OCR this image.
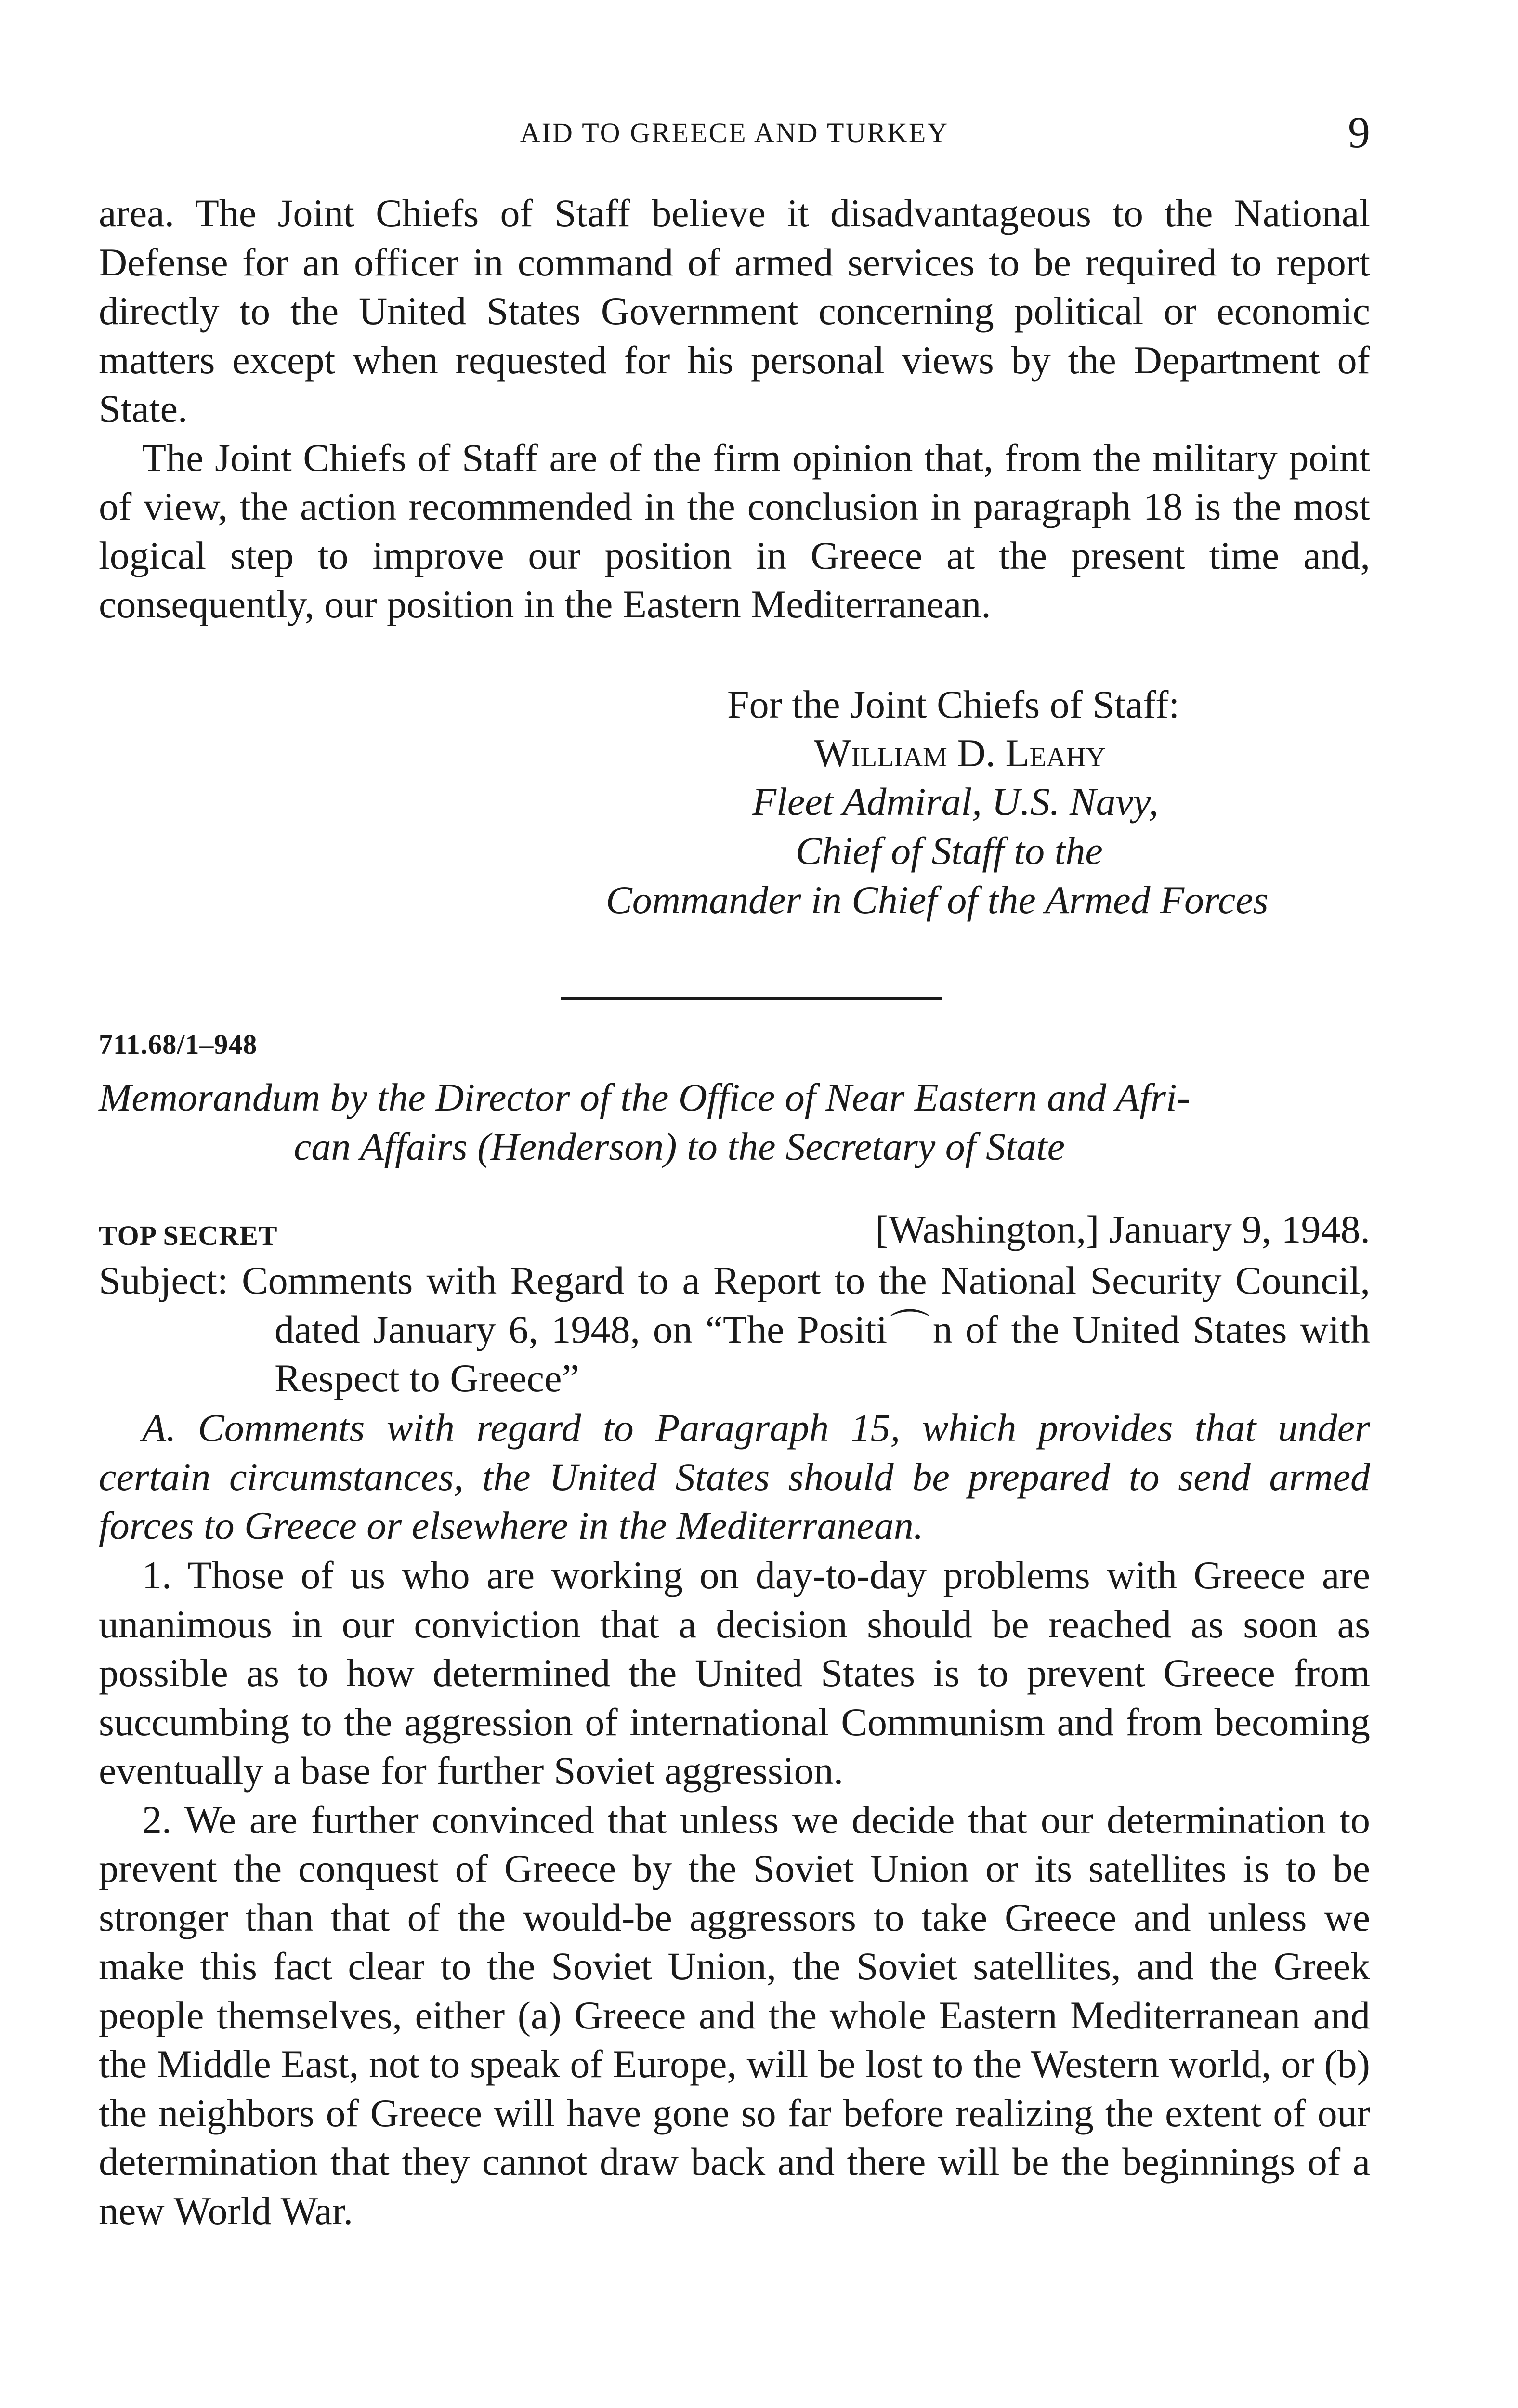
AID TO GREECE AND TURKEY	9

area. The Joint Chiefs of Staff believe it disadvantageous to the National Defense for an officer in command of armed services to be required to report directly to the United States Government concerning political or economic matters except when requested for his personal views by the Department of State.

The Joint Chiefs of Staff are of the firm opinion that, from the military point of view, the action recommended in the conclusion in paragraph 18 is the most logical step to improve our position in Greece at the present time and, consequently, our position in the Eastern Mediterranean.

For the Joint Chiefs of Staff:
William D. Leahy
Fleet Admiral, U.S. Navy,
Chief of Staff to the
Commander in Chief of the Armed Forces
711.68/1–948
Memorandum by the Director of the Office of Near Eastern and Afri-
can Affairs (Henderson) to the Secretary of State
TOP SECRET	[Washington,] January 9, 1948.
Subject: Comments with Regard to a Report to the National Security Council, dated January 6, 1948, on “The Positi⌒n of the United States with Respect to Greece”
A. Comments with regard to Paragraph 15, which provides that under certain circumstances, the United States should be prepared to send armed forces to Greece or elsewhere in the Mediterranean.

1. Those of us who are working on day-to-day problems with Greece are unanimous in our conviction that a decision should be reached as soon as possible as to how determined the United States is to prevent Greece from succumbing to the aggression of international Communism and from becoming eventually a base for further Soviet aggression.

2. We are further convinced that unless we decide that our determination to prevent the conquest of Greece by the Soviet Union or its satellites is to be stronger than that of the would-be aggressors to take Greece and unless we make this fact clear to the Soviet Union, the Soviet satellites, and the Greek people themselves, either (a) Greece and the whole Eastern Mediterranean and the Middle East, not to speak of Europe, will be lost to the Western world, or (b) the neighbors of Greece will have gone so far before realizing the extent of our determination that they cannot draw back and there will be the beginnings of a new World War.
